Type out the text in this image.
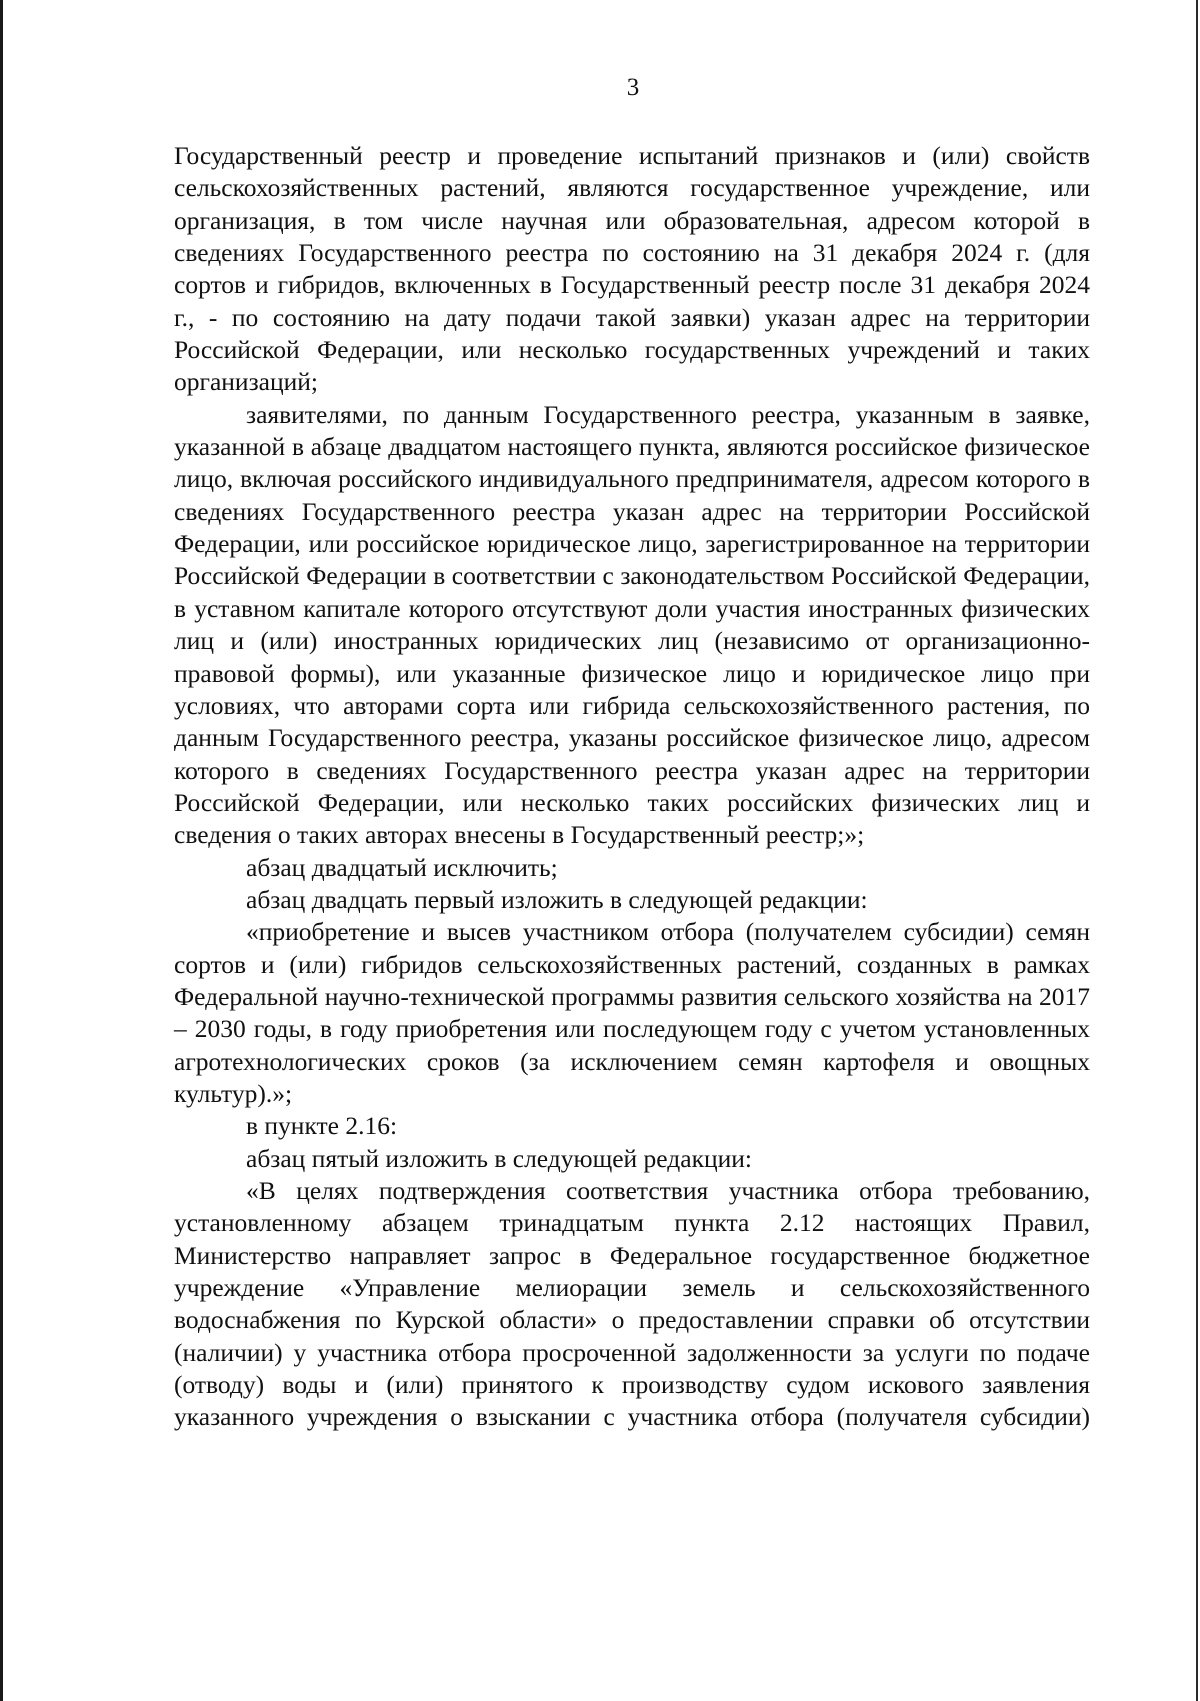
3

Государственный реестр и проведение испытаний признаков и (или) свойств сельскохозяйственных растений, являются государственное учреждение, или организация, в том числе научная или образовательная, адресом которой в сведениях Государственного реестра по состоянию на 31 декабря 2024 г. (для сортов и гибридов, включенных в Государственный реестр после 31 декабря 2024 г., - по состоянию на дату подачи такой заявки) указан адрес на территории Российской Федерации, или несколько государственных учреждений и таких организаций;

заявителями, по данным Государственного реестра, указанным в заявке, указанной в абзаце двадцатом настоящего пункта, являются российское физическое лицо, включая российского индивидуального предпринимателя, адресом которого в сведениях Государственного реестра указан адрес на территории Российской Федерации, или российское юридическое лицо, зарегистрированное на территории Российской Федерации в соответствии с законодательством Российской Федерации, в уставном капитале которого отсутствуют доли участия иностранных физических лиц и (или) иностранных юридических лиц (независимо от организационно-правовой формы), или указанные физическое лицо и юридическое лицо при условиях, что авторами сорта или гибрида сельскохозяйственного растения, по данным Государственного реестра, указаны российское физическое лицо, адресом которого в сведениях Государственного реестра указан адрес на территории Российской Федерации, или несколько таких российских физических лиц и сведения о таких авторах внесены в Государственный реестр;»;

абзац двадцатый исключить;

абзац двадцать первый изложить в следующей редакции:

«приобретение и высев участником отбора (получателем субсидии) семян сортов и (или) гибридов сельскохозяйственных растений, созданных в рамках Федеральной научно-технической программы развития сельского хозяйства на 2017 – 2030 годы, в году приобретения или последующем году с учетом установленных агротехнологических сроков (за исключением семян картофеля и овощных культур).»;

в пункте 2.16:

абзац пятый изложить в следующей редакции:

«В целях подтверждения соответствия участника отбора требованию, установленному абзацем тринадцатым пункта 2.12 настоящих Правил, Министерство направляет запрос в Федеральное государственное бюджетное учреждение «Управление мелиорации земель и сельскохозяйственного водоснабжения по Курской области» о предоставлении справки об отсутствии (наличии) у участника отбора просроченной задолженности за услуги по подаче (отводу) воды и (или) принятого к производству судом искового заявления указанного учреждения о взыскании с участника отбора (получателя субсидии)
